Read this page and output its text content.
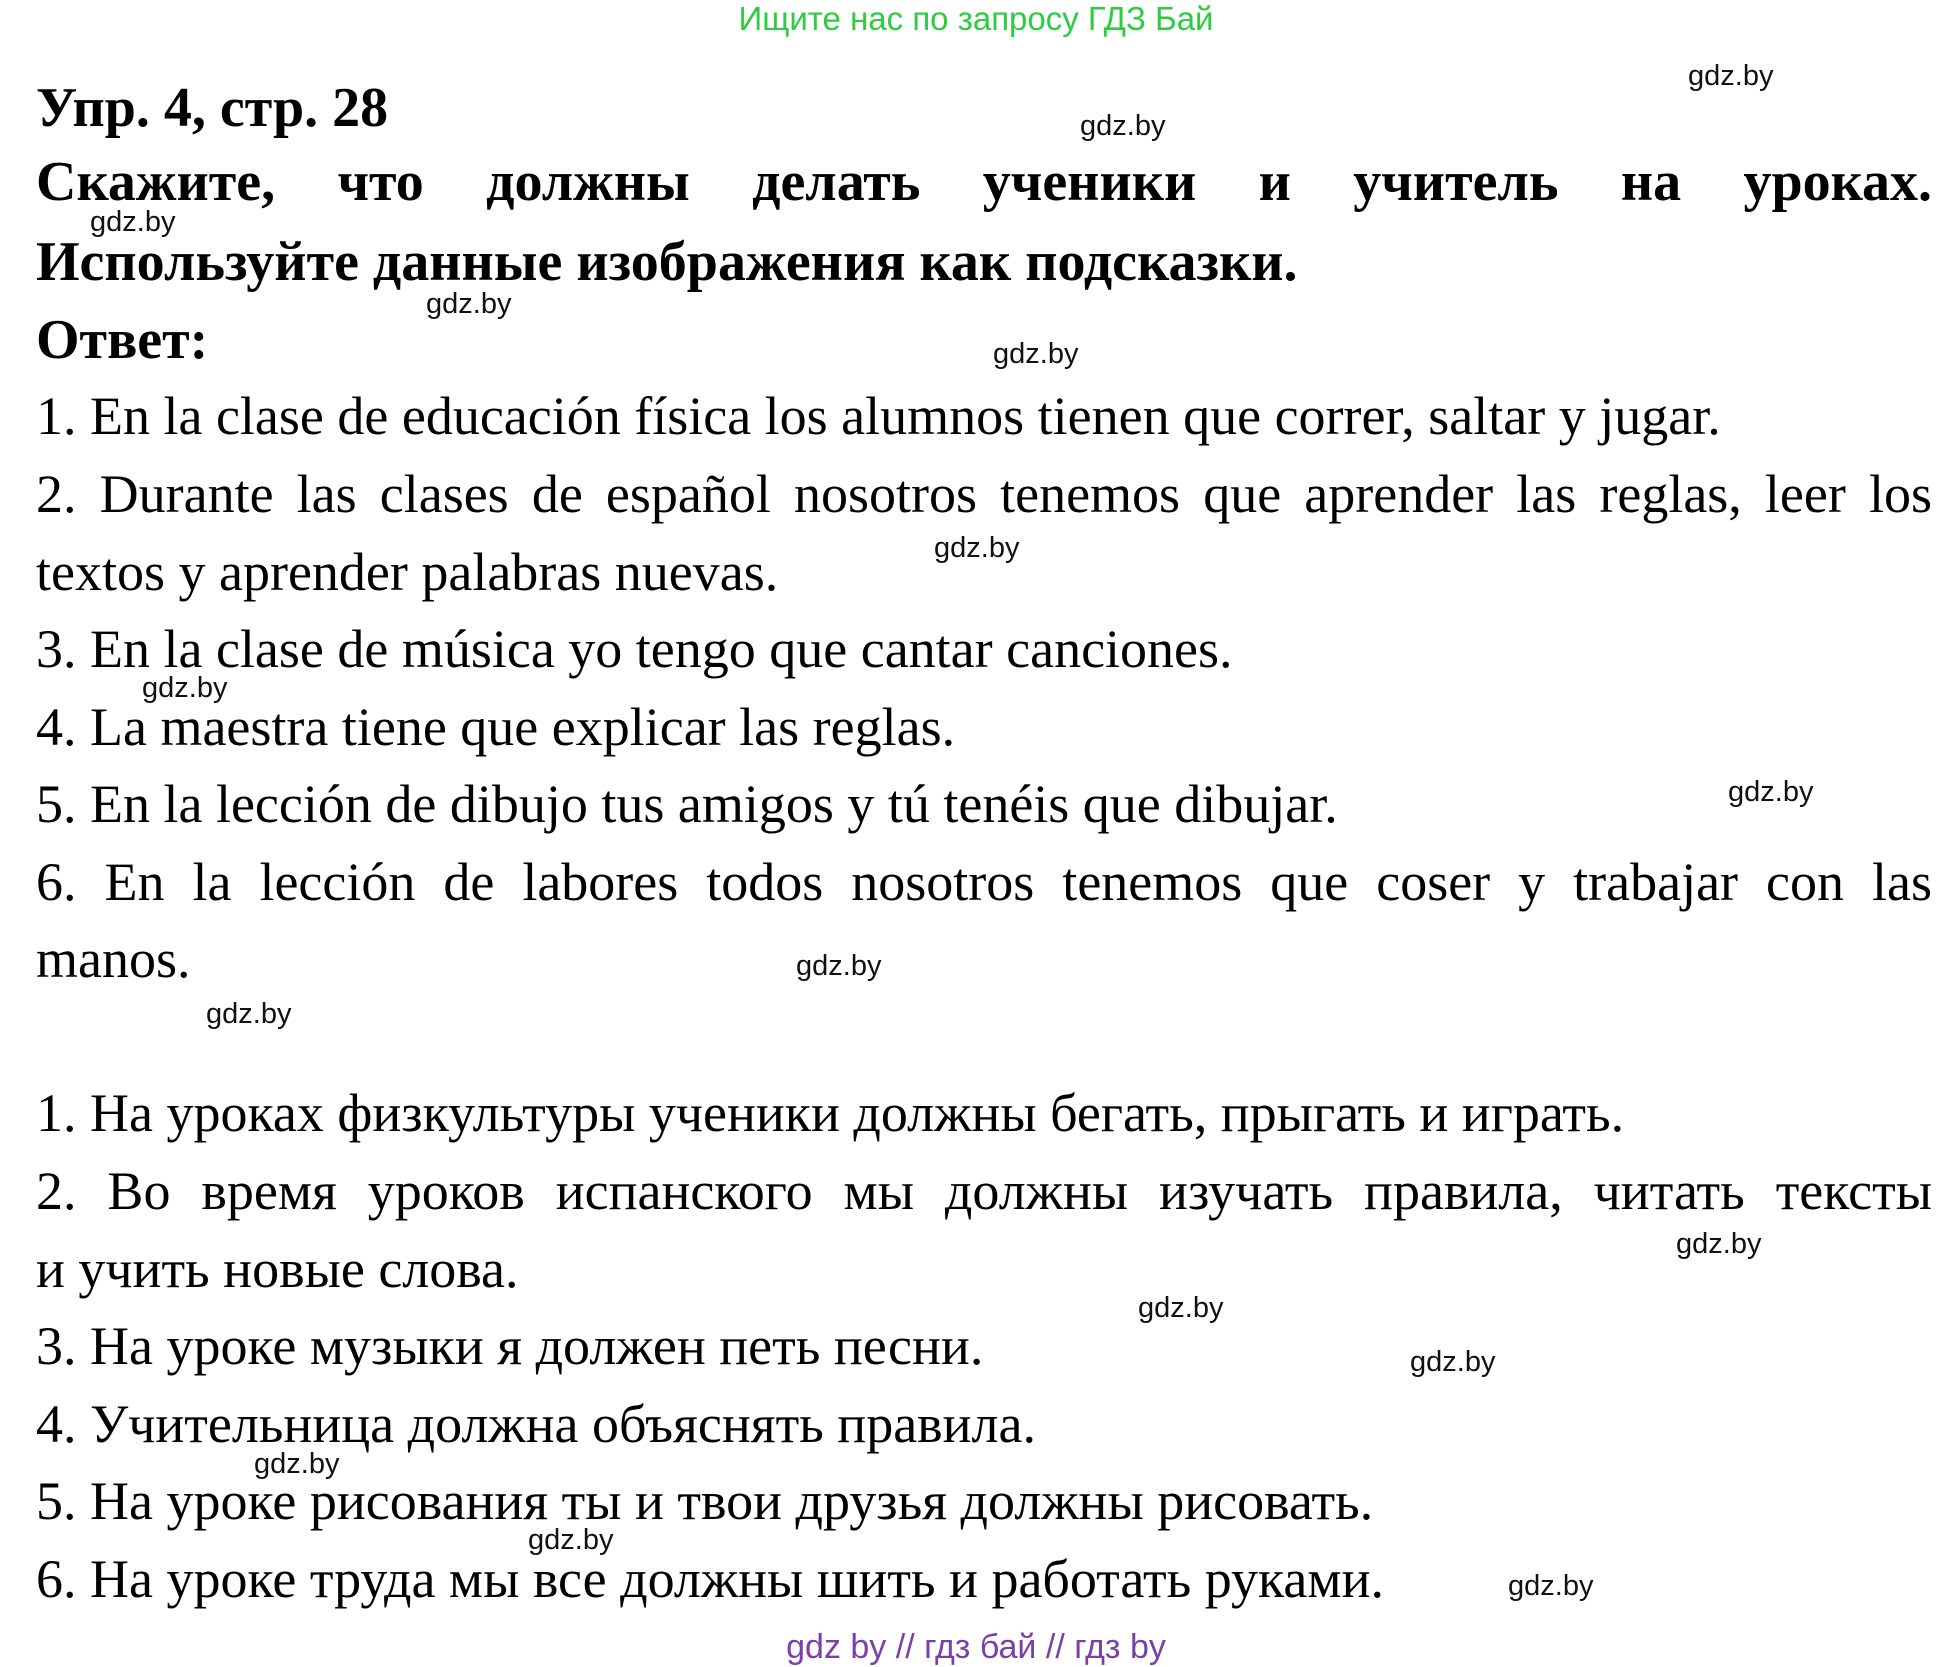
Ищите нас по запросу ГДЗ Бай
Упр. 4, стр. 28
Скажите, что должны делать ученики и учитель на уроках.
Используйте данные изображения как подсказки.
Ответ:
1. En la clase de educación física los alumnos tienen que correr, saltar y jugar.
2. Durante las clases de español nosotros tenemos que aprender las reglas, leer los
textos y aprender palabras nuevas.
3. En la clase de música yo tengo que cantar canciones.
4. La maestra tiene que explicar las reglas.
5. En la lección de dibujo tus amigos y tú tenéis que dibujar.
6. En la lección de labores todos nosotros tenemos que coser y trabajar con las
manos.
1. На уроках физкультуры ученики должны бегать, прыгать и играть.
2. Во время уроков испанского мы должны изучать правила, читать тексты
и учить новые слова.
3. На уроке музыки я должен петь песни.
4. Учительница должна объяснять правила.
5. На уроке рисования ты и твои друзья должны рисовать.
6. На уроке труда мы все должны шить и работать руками.
gdz.by
gdz.by
gdz.by
gdz.by
gdz.by
gdz.by
gdz.by
gdz.by
gdz.by
gdz.by
gdz.by
gdz.by
gdz.by
gdz.by
gdz.by
gdz.by
gdz by // гдз бай // гдз by
